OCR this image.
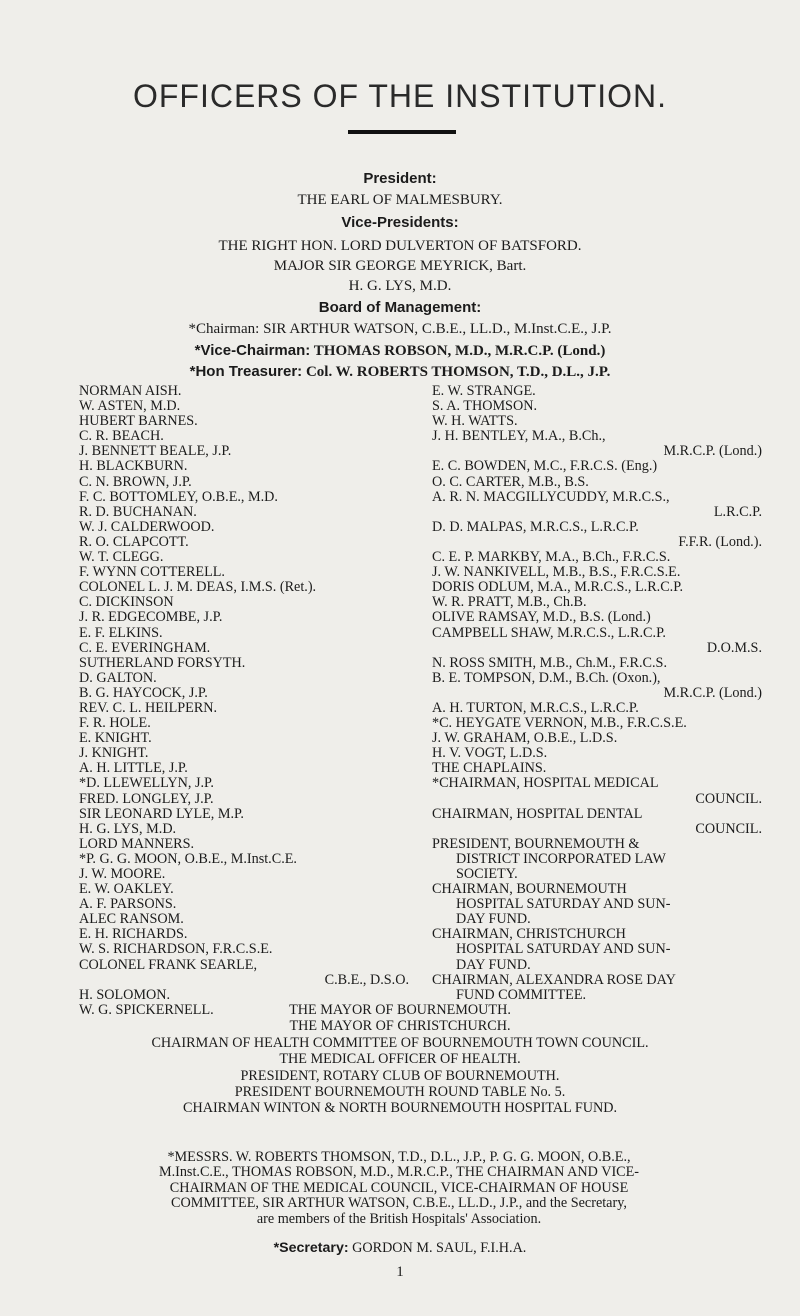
OFFICERS OF THE INSTITUTION.
President:
THE EARL OF MALMESBURY.
Vice-Presidents:
THE RIGHT HON. LORD DULVERTON OF BATSFORD.
MAJOR SIR GEORGE MEYRICK, Bart.
H. G. LYS, M.D.
Board of Management:
*Chairman: SIR ARTHUR WATSON, C.B.E., LL.D., M.Inst.C.E., J.P.
*Vice-Chairman: THOMAS ROBSON, M.D., M.R.C.P. (Lond.)
*Hon Treasurer: Col. W. ROBERTS THOMSON, T.D., D.L., J.P.
NORMAN AISH.
W. ASTEN, M.D.
HUBERT BARNES.
C. R. BEACH.
J. BENNETT BEALE, J.P.
H. BLACKBURN.
C. N. BROWN, J.P.
F. C. BOTTOMLEY, O.B.E., M.D.
R. D. BUCHANAN.
W. J. CALDERWOOD.
R. O. CLAPCOTT.
W. T. CLEGG.
F. WYNN COTTERELL.
COLONEL L. J. M. DEAS, I.M.S. (Ret.).
C. DICKINSON
J. R. EDGECOMBE, J.P.
E. F. ELKINS.
C. E. EVERINGHAM.
SUTHERLAND FORSYTH.
D. GALTON.
B. G. HAYCOCK, J.P.
REV. C. L. HEILPERN.
F. R. HOLE.
E. KNIGHT.
J. KNIGHT.
A. H. LITTLE, J.P.
*D. LLEWELLYN, J.P.
FRED. LONGLEY, J.P.
SIR LEONARD LYLE, M.P.
H. G. LYS, M.D.
LORD MANNERS.
*P. G. G. MOON, O.B.E., M.Inst.C.E.
J. W. MOORE.
E. W. OAKLEY.
A. F. PARSONS.
ALEC RANSOM.
E. H. RICHARDS.
W. S. RICHARDSON, F.R.C.S.E.
COLONEL FRANK SEARLE,
C.B.E., D.S.O.
H. SOLOMON.
W. G. SPICKERNELL.
E. W. STRANGE.
S. A. THOMSON.
W. H. WATTS.
J. H. BENTLEY, M.A., B.Ch.,
M.R.C.P. (Lond.)
E. C. BOWDEN, M.C., F.R.C.S. (Eng.)
O. C. CARTER, M.B., B.S.
A. R. N. MACGILLYCUDDY, M.R.C.S.,
L.R.C.P.
D. D. MALPAS, M.R.C.S., L.R.C.P.
F.F.R. (Lond.).
C. E. P. MARKBY, M.A., B.Ch., F.R.C.S.
J. W. NANKIVELL, M.B., B.S., F.R.C.S.E.
DORIS ODLUM, M.A., M.R.C.S., L.R.C.P.
W. R. PRATT, M.B., Ch.B.
OLIVE RAMSAY, M.D., B.S. (Lond.)
CAMPBELL SHAW, M.R.C.S., L.R.C.P.
D.O.M.S.
N. ROSS SMITH, M.B., Ch.M., F.R.C.S.
B. E. TOMPSON, D.M., B.Ch. (Oxon.),
M.R.C.P. (Lond.)
A. H. TURTON, M.R.C.S., L.R.C.P.
*C. HEYGATE VERNON, M.B., F.R.C.S.E.
J. W. GRAHAM, O.B.E., L.D.S.
H. V. VOGT, L.D.S.
THE CHAPLAINS.
*CHAIRMAN, HOSPITAL MEDICAL
COUNCIL.
CHAIRMAN, HOSPITAL DENTAL
COUNCIL.
PRESIDENT, BOURNEMOUTH &
DISTRICT INCORPORATED LAW
SOCIETY.
CHAIRMAN, BOURNEMOUTH
HOSPITAL SATURDAY AND SUN-
DAY FUND.
CHAIRMAN, CHRISTCHURCH
HOSPITAL SATURDAY AND SUN-
DAY FUND.
CHAIRMAN, ALEXANDRA ROSE DAY
FUND COMMITTEE.
THE MAYOR OF BOURNEMOUTH.
THE MAYOR OF CHRISTCHURCH.
CHAIRMAN OF HEALTH COMMITTEE OF BOURNEMOUTH TOWN COUNCIL.
THE MEDICAL OFFICER OF HEALTH.
PRESIDENT, ROTARY CLUB OF BOURNEMOUTH.
PRESIDENT BOURNEMOUTH ROUND TABLE No. 5.
CHAIRMAN WINTON & NORTH BOURNEMOUTH HOSPITAL FUND.
*MESSRS. W. ROBERTS THOMSON, T.D., D.L., J.P., P. G. G. MOON, O.B.E.,
M.Inst.C.E., THOMAS ROBSON, M.D., M.R.C.P., THE CHAIRMAN AND VICE-
CHAIRMAN OF THE MEDICAL COUNCIL, VICE-CHAIRMAN OF HOUSE
COMMITTEE, SIR ARTHUR WATSON, C.B.E., LL.D., J.P., and the Secretary,
are members of the British Hospitals' Association.
*Secretary: GORDON M. SAUL, F.I.H.A.
1
